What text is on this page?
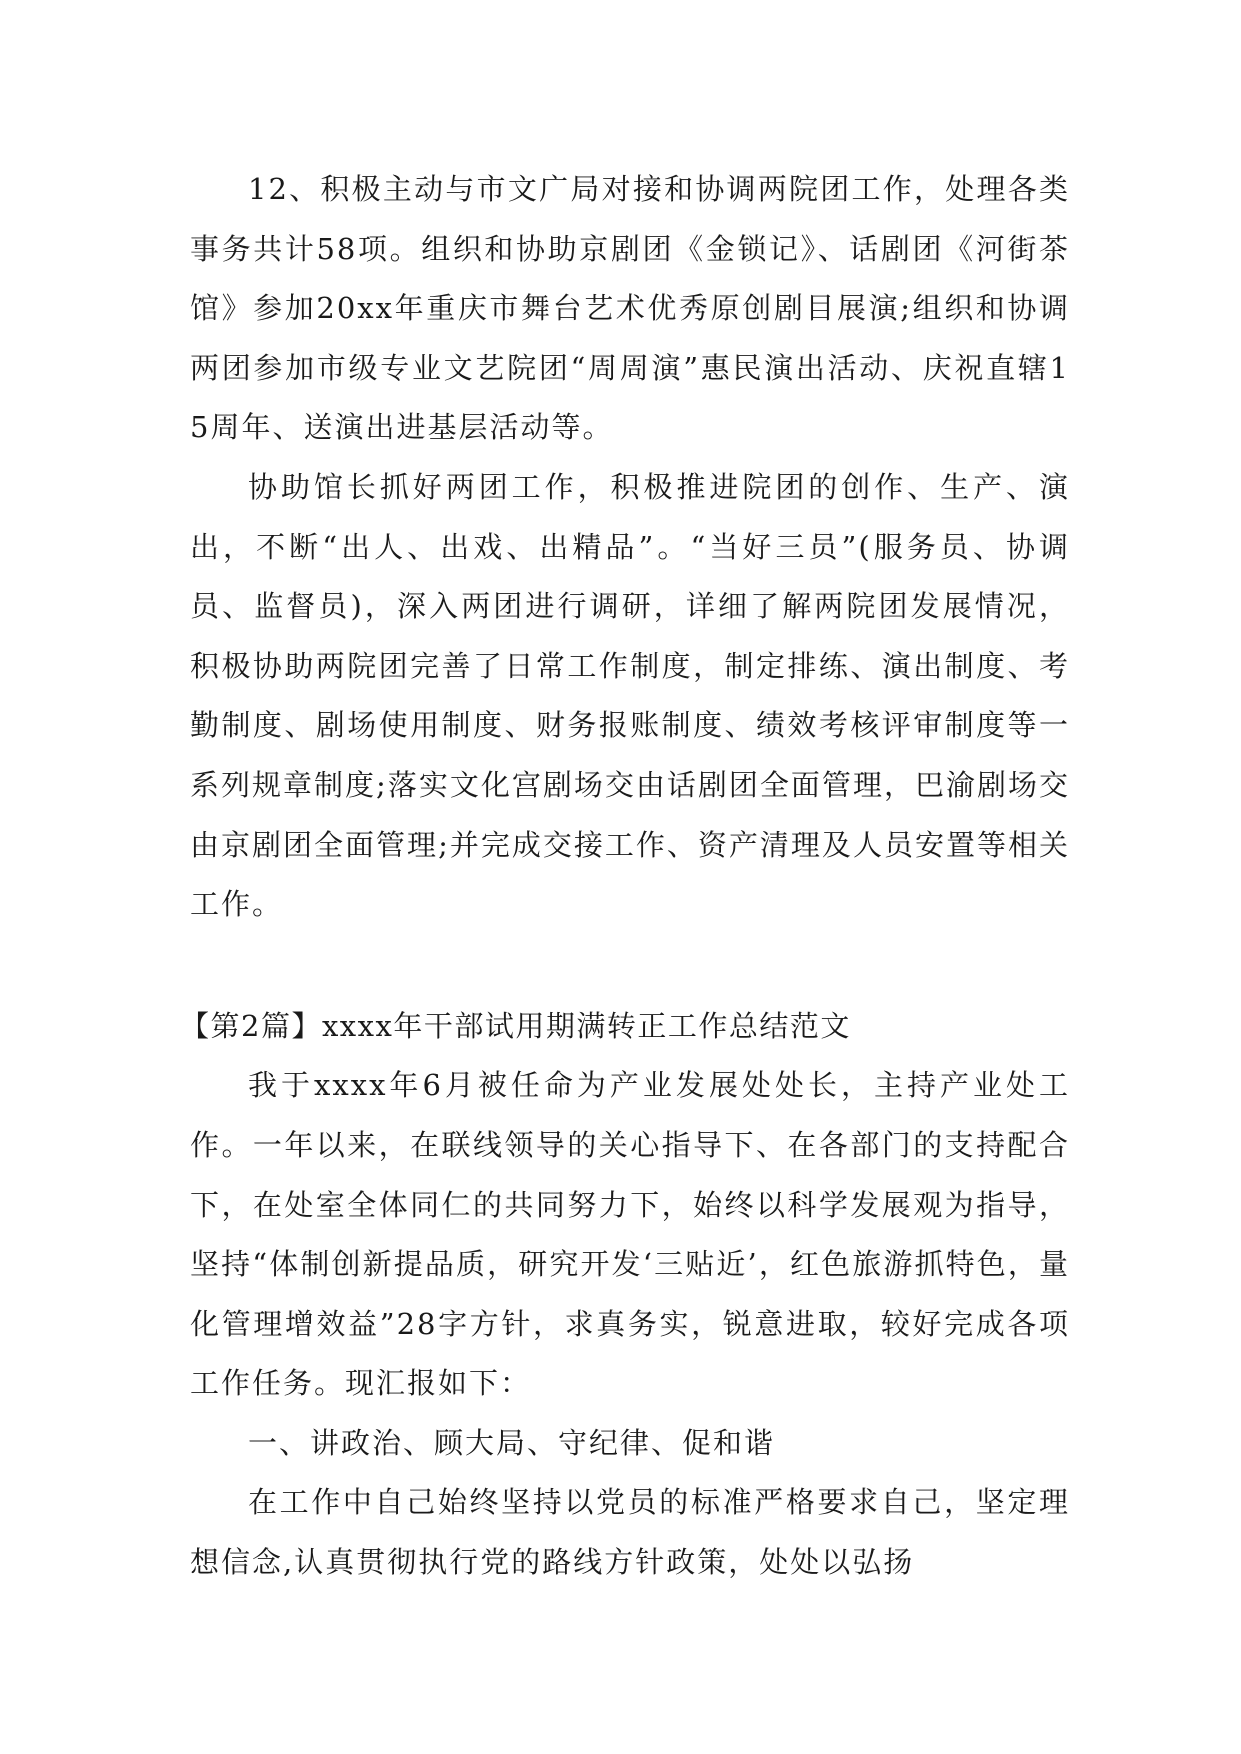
12、积极主动与市文广局对接和协调两院团工作，处理各类事务共计58项。组织和协助京剧团《金锁记》、话剧团《河街茶馆》参加20xx年重庆市舞台艺术优秀原创剧目展演;组织和协调两团参加市级专业文艺院团“周周演”惠民演出活动、庆祝直辖15周年、送演出进基层活动等。

协助馆长抓好两团工作，积极推进院团的创作、生产、演出，不断“出人、出戏、出精品”。“当好三员”(服务员、协调员、监督员)，深入两团进行调研，详细了解两院团发展情况，积极协助两院团完善了日常工作制度，制定排练、演出制度、考勤制度、剧场使用制度、财务报账制度、绩效考核评审制度等一系列规章制度;落实文化宫剧场交由话剧团全面管理，巴渝剧场交由京剧团全面管理;并完成交接工作、资产清理及人员安置等相关工作。

【第2篇】xxxx年干部试用期满转正工作总结范文

我于xxxx年6月被任命为产业发展处处长，主持产业处工作。一年以来，在联线领导的关心指导下、在各部门的支持配合下，在处室全体同仁的共同努力下，始终以科学发展观为指导，坚持“体制创新提品质，研究开发‘三贴近’，红色旅游抓特色，量化管理增效益”28字方针，求真务实，锐意进取，较好完成各项工作任务。现汇报如下：

一、讲政治、顾大局、守纪律、促和谐

在工作中自己始终坚持以党员的标准严格要求自己，坚定理想信念,认真贯彻执行党的路线方针政策，处处以弘扬
